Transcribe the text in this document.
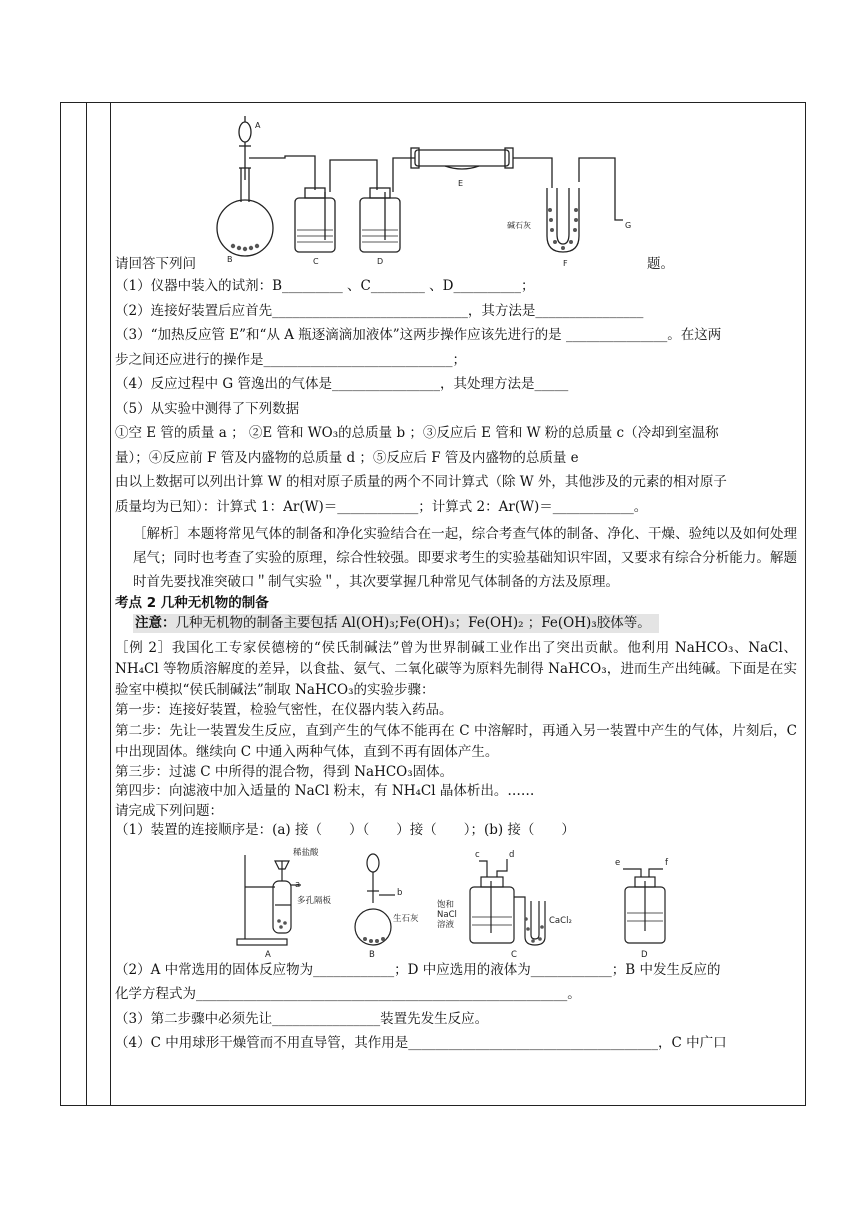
A
B	C	D
E
F
G
碱石灰
请回答下列问	题。
（1）仪器中装入的试剂：B_________ 、C________ 、D__________；
（2）连接好装置后应首先_____________________________，其方法是________________
（3）“加热反应管 E”和“从 A 瓶逐滴滴加液体”这两步操作应该先进行的是 _______________。在这两
步之间还应进行的操作是____________________________；
（4）反应过程中 G 管逸出的气体是________________，其处理方法是_____
（5）从实验中测得了下列数据
①空 E 管的质量 a ； ②E 管和 WO₃的总质量 b ；③反应后 E 管和 W 粉的总质量 c（冷却到室温称
量）；④反应前 F 管及内盛物的总质量 d ；⑤反应后 F 管及内盛物的总质量 e
由以上数据可以列出计算 W 的相对原子质量的两个不同计算式（除 W 外，其他涉及的元素的相对原子
质量均为已知）：计算式 1：Ar(W)＝____________；计算式 2：Ar(W)＝____________。
［解析］本题将常见气体的制备和净化实验结合在一起，综合考查气体的制备、净化、干燥、验纯以及如何处理尾气；同时也考查了实验的原理，综合性较强。即要求考生的实验基础知识牢固，又要求有综合分析能力。解题时首先要找准突破口＂制气实验＂，其次要掌握几种常见气体制备的方法及原理。
考点 2 几种无机物的制备
注意：几种无机物的制备主要包括 Al(OH)₃;Fe(OH)₃；Fe(OH)₂ ；Fe(OH)₃胶体等。
［例 2］我国化工专家侯德榜的“侯氏制碱法”曾为世界制碱工业作出了突出贡献。他利用 NaHCO₃、NaCl、NH₄Cl 等物质溶解度的差异，以食盐、氨气、二氧化碳等为原料先制得 NaHCO₃，进而生产出纯碱。下面是在实验室中模拟“侯氏制碱法”制取 NaHCO₃的实验步骤：
第一步：连接好装置，检验气密性，在仪器内装入药品。
第二步：先让一装置发生反应，直到产生的气体不能再在 C 中溶解时，再通入另一装置中产生的气体，片刻后，C 中出现固体。继续向 C 中通入两种气体，直到不再有固体产生。
第三步：过滤 C 中所得的混合物，得到 NaHCO₃固体。
第四步：向滤液中加入适量的 NaCl 粉末，有 NH₄Cl 晶体析出。……
请完成下列问题：
（1）装置的连接顺序是：(a) 接（　　）（　　）接（　　）；(b) 接（　　）
稀盐酸
a
多孔隔板
A
b
生石灰
B
c	d
饱和
NaCl
溶液	CaCl₂
C
e	f
D
（2）A 中常选用的固体反应物为____________；D 中应选用的液体为____________；B 中发生反应的
化学方程式为_______________________________________________________。
（3）第二步骤中必须先让________________装置先发生反应。
（4）C 中用球形干燥管而不用直导管，其作用是_____________________________________，C 中广口
